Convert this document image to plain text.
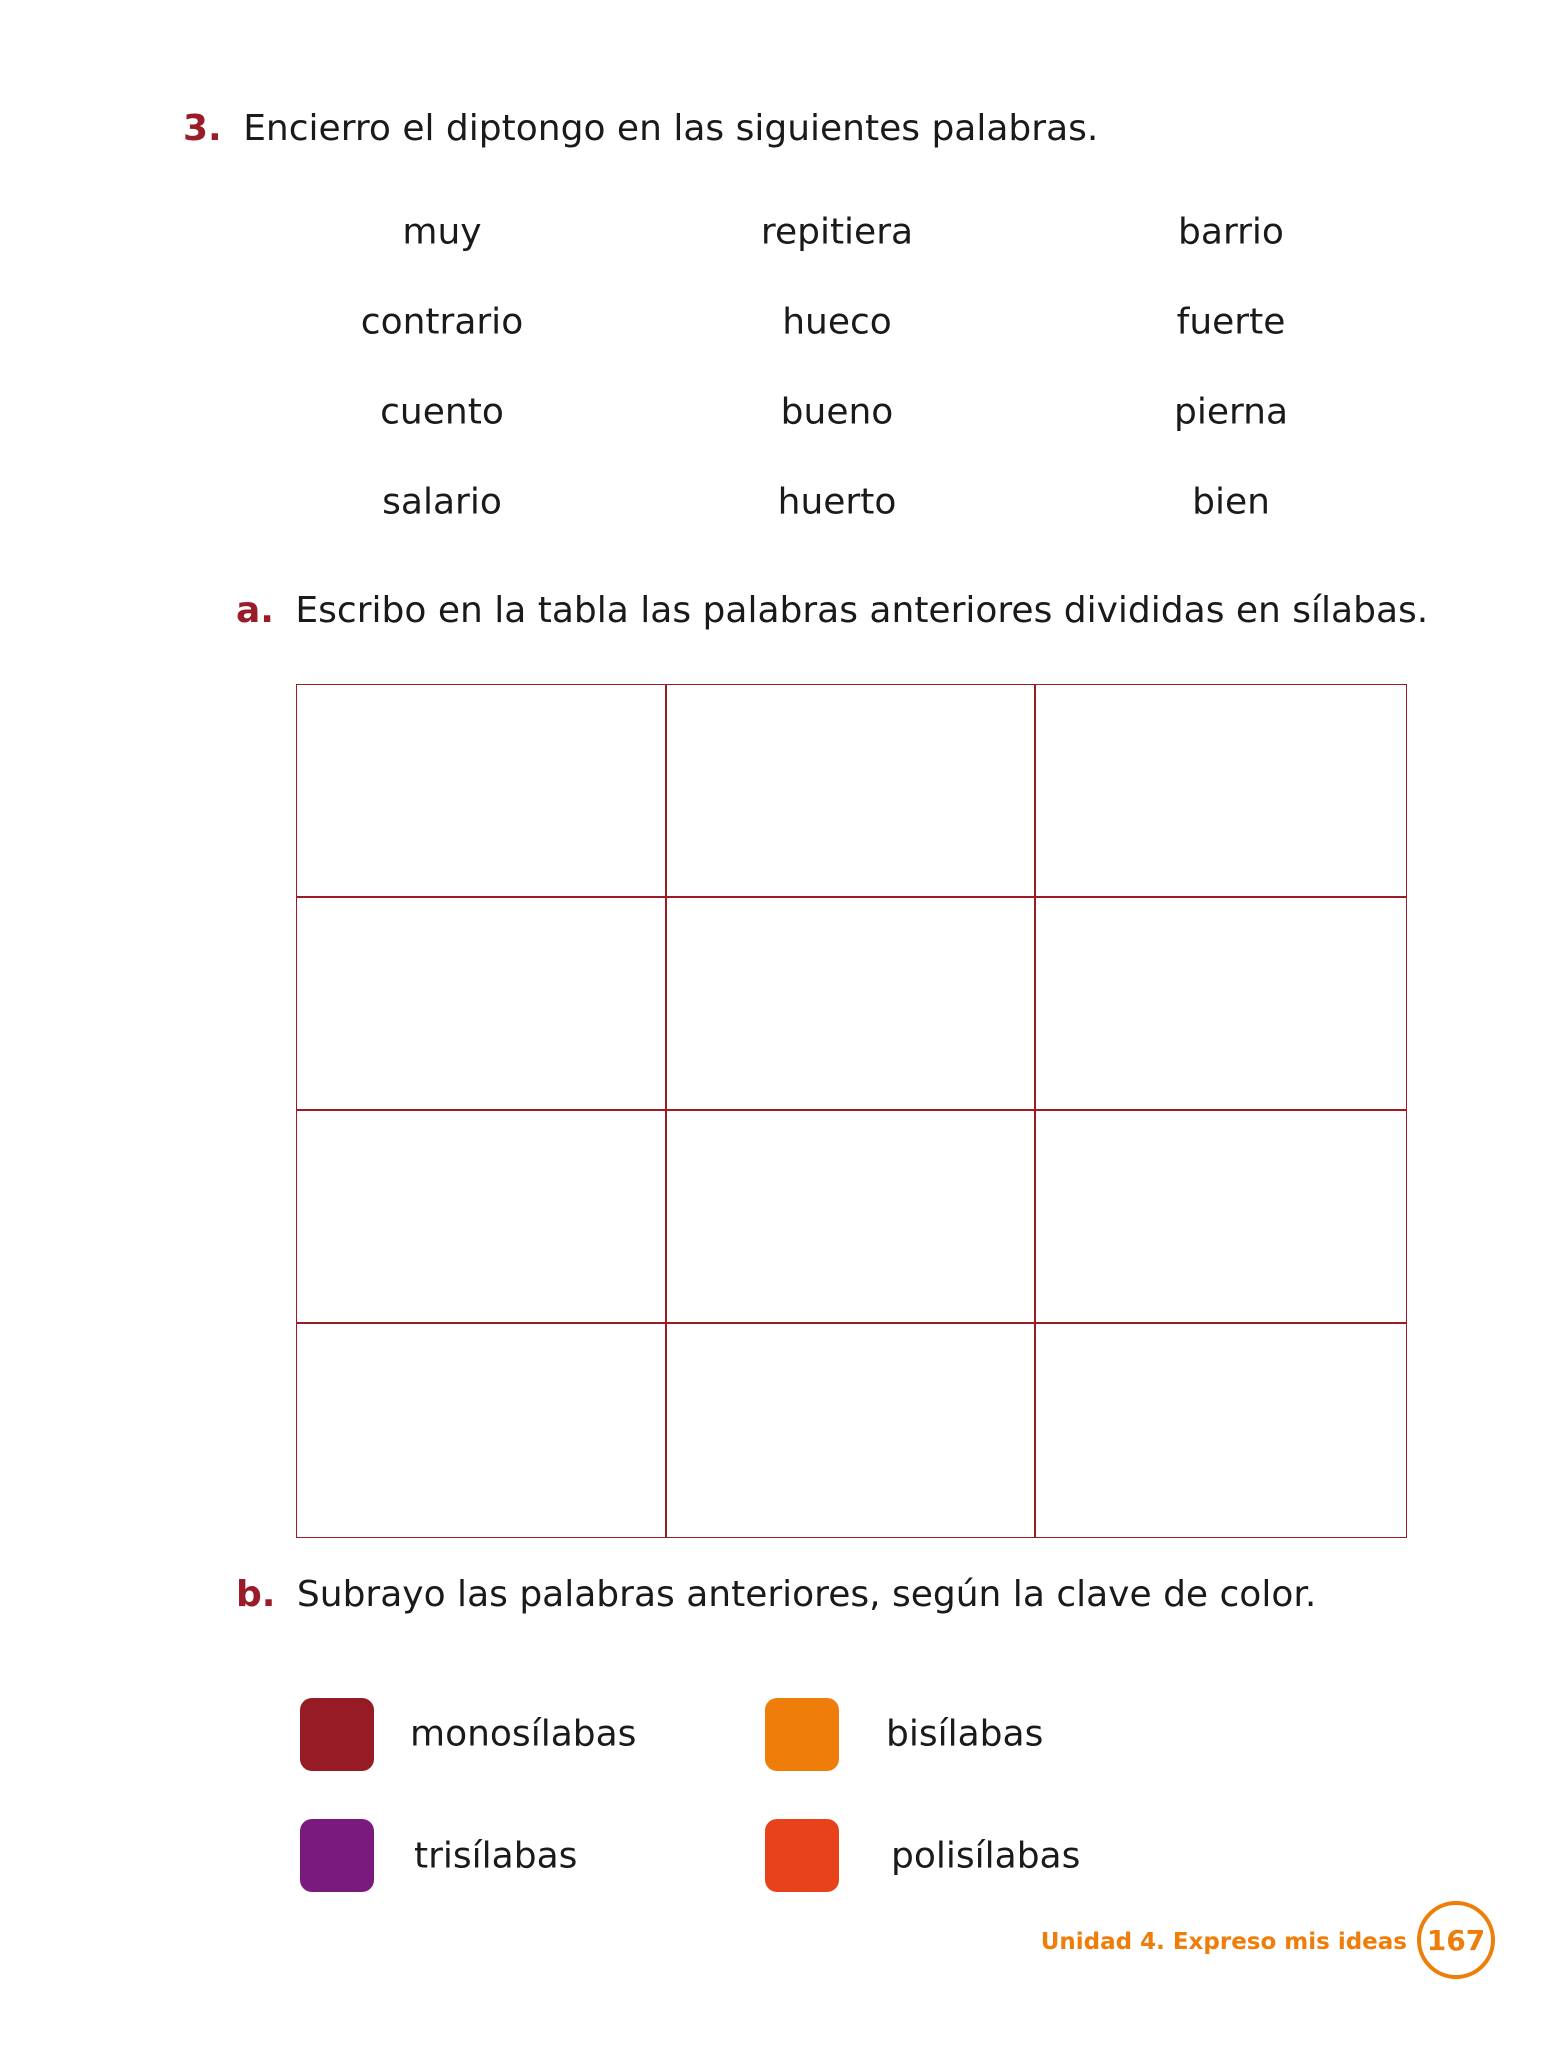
3. Encierro el diptongo en las siguientes palabras.
muy	repitiera	barrio
contrario	hueco	fuerte
cuento	bueno	pierna
salario	huerto	bien
a. Escribo en la tabla las palabras anteriores divididas en sílabas.
b. Subrayo las palabras anteriores, según la clave de color.
monosílabas	bisílabas
trisílabas	polisílabas
Unidad 4. Expreso mis ideas 167
